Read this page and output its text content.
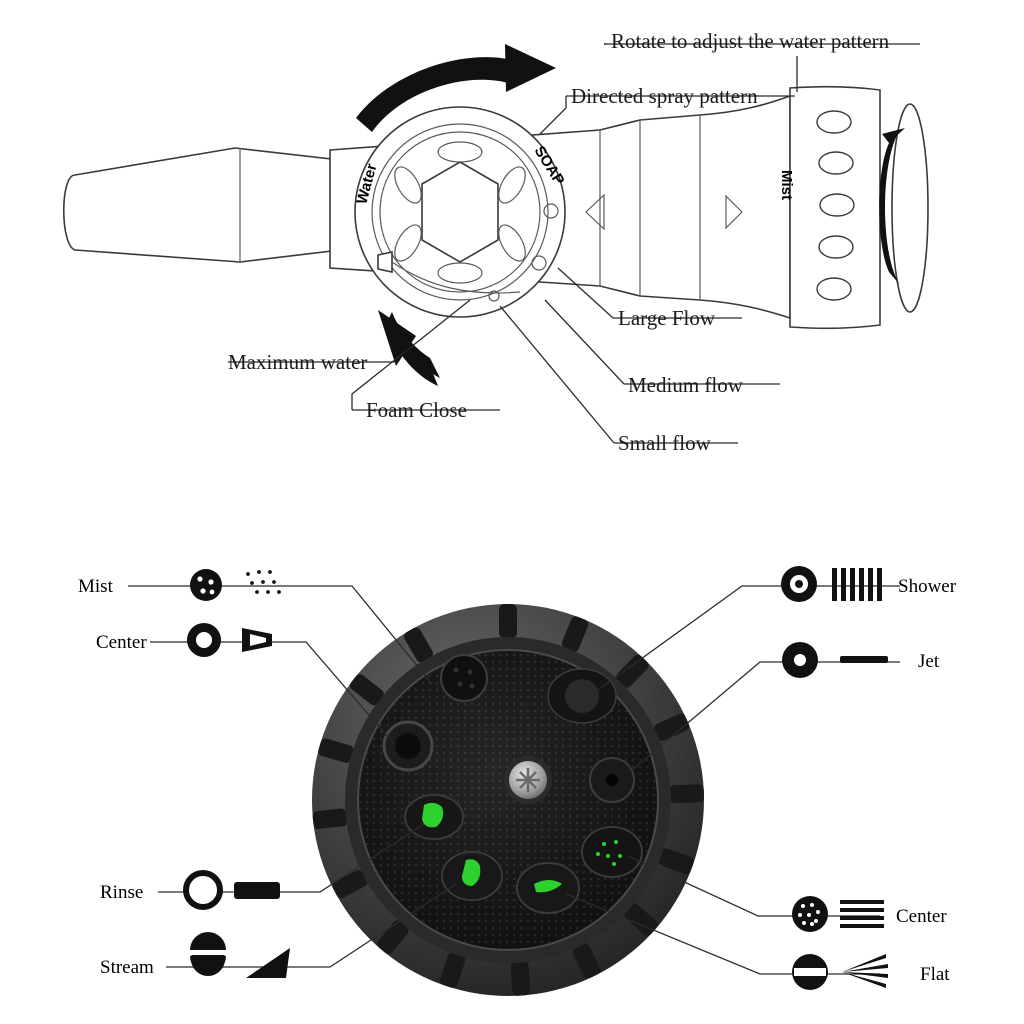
SOAP
Water	Mist
Rotate to adjust the water pattern
Directed spray pattern
Large Flow
Medium flow
Small flow
Foam Close
Maximum water
Mist
Center
Rinse
Stream
Shower
Jet
Center
Flat
